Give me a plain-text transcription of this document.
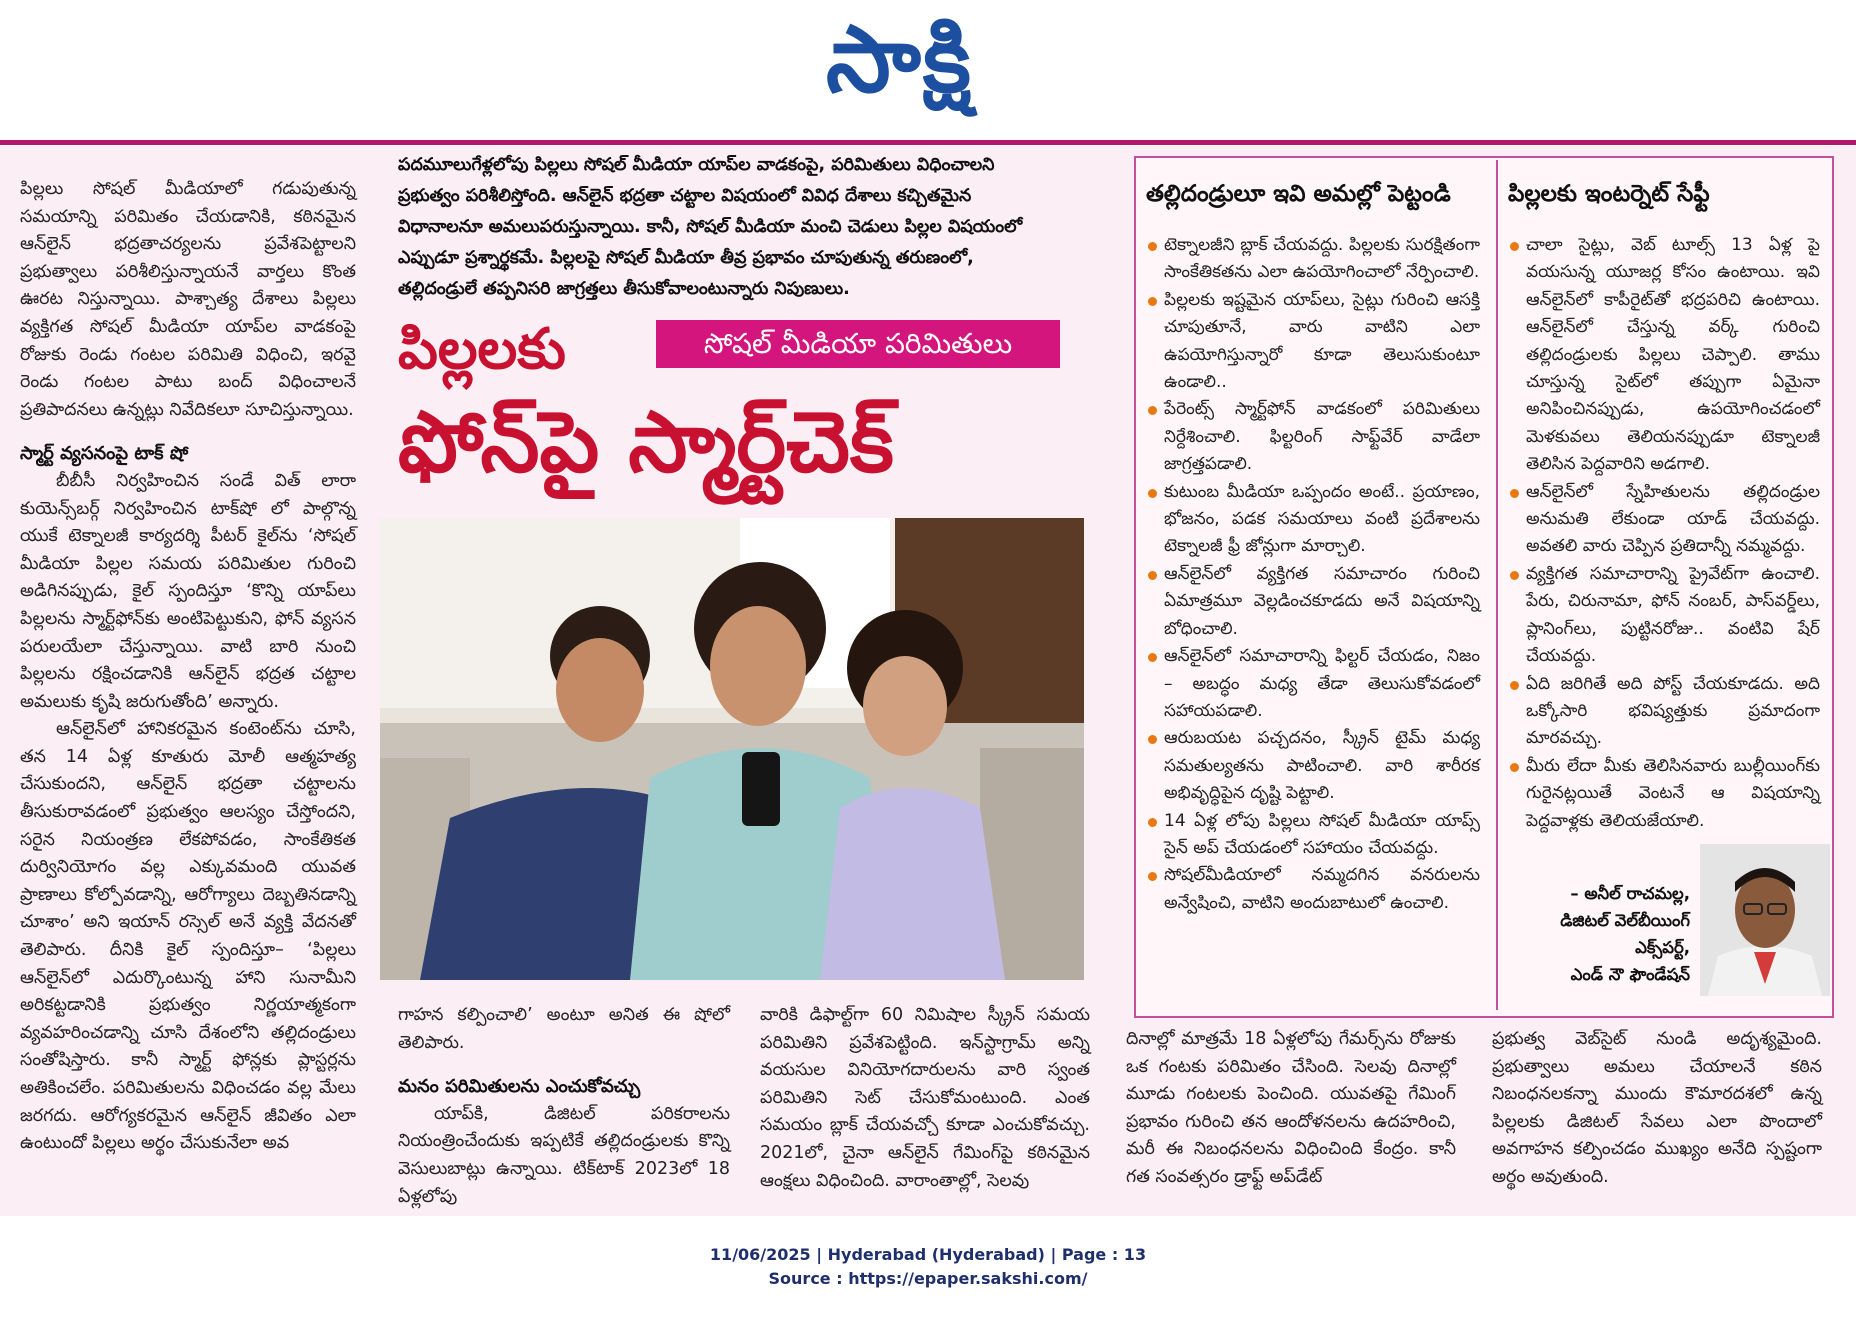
సాక్షి

పిల్లలు సోషల్ మీడియాలో గడుపుతున్న సమయాన్ని పరిమితం చేయడానికి, కఠినమైన ఆన్‌లైన్ భద్రతాచర్యలను ప్రవేశపెట్టాలని ప్రభుత్వాలు పరిశీలిస్తున్నాయనే వార్తలు కొంత ఊరట నిస్తున్నాయి. పాశ్చాత్య దేశాలు పిల్లలు వ్యక్తిగత సోషల్ మీడియా యాప్‌ల వాడకంపై రోజుకు రెండు గంటల పరిమితి విధించి, ఇరవై రెండు గంటల పాటు బంద్ విధించాలనే ప్రతిపాదనలు ఉన్నట్లు నివేదికలూ సూచిస్తున్నాయి.

స్మార్ట్ వ్యసనంపై టాక్ షో

బీబీసీ నిర్వహించిన సండే విత్ లారా కుయెన్స్‌బర్గ్ నిర్వహించిన టాక్‌షో లో పాల్గొన్న యుకే టెక్నాలజీ కార్యదర్శి పీటర్ కైల్‌ను ‘సోషల్ మీడియా పిల్లల సమయ పరిమితుల గురించి అడిగినప్పుడు, కైల్ స్పందిస్తూ ‘కొన్ని యాప్‌లు పిల్లలను స్మార్ట్‌ఫోన్‌కు అంటిపెట్టుకుని, ఫోన్ వ్యసన పరులయేలా చేస్తున్నాయి. వాటి బారి నుంచి పిల్లలను రక్షించడానికి ఆన్‌లైన్ భద్రత చట్టాల అమలుకు కృషి జరుగుతోంది’ అన్నారు.

ఆన్‌లైన్‌లో హానికరమైన కంటెంట్‌ను చూసి, తన 14 ఏళ్ల కూతురు మోలీ ఆత్మహత్య చేసుకుందని, ఆన్‌లైన్ భద్రతా చట్టాలను తీసుకురావడంలో ప్రభుత్వం ఆలస్యం చేస్తోందని, సరైన నియంత్రణ లేకపోవడం, సాంకేతికత దుర్వినియోగం వల్ల ఎక్కువమంది యువత ప్రాణాలు కోల్పోవడాన్ని, ఆరోగ్యాలు దెబ్బతినడాన్ని చూశాం’ అని ఇయాన్ రస్సెల్ అనే వ్యక్తి వేదనతో తెలిపారు. దీనికి కైల్ స్పందిస్తూ– ‘పిల్లలు ఆన్‌లైన్‌లో ఎదుర్కొంటున్న హాని సునామీని అరికట్టడానికి ప్రభుత్వం నిర్ణయాత్మకంగా వ్యవహరించడాన్ని చూసి దేశంలోని తల్లిదండ్రులు సంతోషిస్తారు. కానీ స్మార్ట్ ఫోన్లకు ప్లాస్టర్లను అతికించలేం. పరిమితులను విధించడం వల్ల మేలు జరగదు. ఆరోగ్యకరమైన ఆన్‌లైన్ జీవితం ఎలా ఉంటుందో పిల్లలు అర్థం చేసుకునేలా అవ

పదమూలుగేళ్లలోపు పిల్లలు సోషల్ మీడియా యాప్‌ల వాడకంపై, పరిమితులు విధించాలని ప్రభుత్వం పరిశీలిస్తోంది. ఆన్‌లైన్ భద్రతా చట్టాల విషయంలో వివిధ దేశాలు కచ్చితమైన విధానాలనూ అమలుపరుస్తున్నాయి. కానీ, సోషల్ మీడియా మంచి చెడులు పిల్లల విషయంలో ఎప్పుడూ ప్రశ్నార్థకమే. పిల్లలపై సోషల్ మీడియా తీవ్ర ప్రభావం చూపుతున్న తరుణంలో, తల్లిదండ్రులే తప్పనిసరి జాగ్రత్తలు తీసుకోవాలంటున్నారు నిపుణులు.
పిల్లలకు	సోషల్ మీడియా పరిమితులు
ఫోన్‌పై స్మార్ట్‌చెక్

గాహన కల్పించాలి’ అంటూ అనిత ఈ షోలో తెలిపారు.

మనం పరిమితులను ఎంచుకోవచ్చు

యాప్‌కి, డిజిటల్ పరికరాలను నియంత్రించేందుకు ఇప్పటికే తల్లిదండ్రులకు కొన్ని వెసులుబాట్లు ఉన్నాయి. టిక్‌టాక్ 2023లో 18 ఏళ్లలోపు

వారికి డిఫాల్ట్‌గా 60 నిమిషాల స్క్రీన్ సమయ పరిమితిని ప్రవేశపెట్టింది. ఇన్‌స్టాగ్రామ్ అన్ని వయసుల వినియోగదారులను వారి స్వంత పరిమితిని సెట్ చేసుకోమంటుంది. ఎంత సమయం బ్లాక్ చేయవచ్చో కూడా ఎంచుకోవచ్చు. 2021లో, చైనా ఆన్‌లైన్ గేమింగ్‌పై కఠినమైన ఆంక్షలు విధించింది. వారాంతాల్లో, సెలవు
దినాల్లో మాత్రమే 18 ఏళ్లలోపు గేమర్స్‌ను రోజుకు ఒక గంటకు పరిమితం చేసింది. సెలవు దినాల్లో మూడు గంటలకు పెంచింది. యువతపై గేమింగ్ ప్రభావం గురించి తన ఆందోళనలను ఉదహరించి, మరీ ఈ నిబంధనలను విధించింది కేంద్రం. కానీ గత సంవత్సరం డ్రాఫ్ట్ అప్‌డేట్
ప్రభుత్వ వెబ్‌సైట్ నుండి అదృశ్యమైంది. ప్రభుత్వాలు అమలు చేయాలనే కఠిన నిబంధనలకన్నా ముందు కౌమారదశలో ఉన్న పిల్లలకు డిజిటల్ సేవలు ఎలా పొందాలో అవగాహన కల్పించడం ముఖ్యం అనేది స్పష్టంగా అర్థం అవుతుంది.
తల్లిదండ్రులూ ఇవి అమల్లో పెట్టండి
టెక్నాలజీని బ్లాక్ చేయవద్దు. పిల్లలకు సురక్షితంగా సాంకేతికతను ఎలా ఉపయోగించాలో నేర్పించాలి.
పిల్లలకు ఇష్టమైన యాప్‌లు, సైట్లు గురించి ఆసక్తి చూపుతూనే, వారు వాటిని ఎలా ఉపయోగిస్తున్నారో కూడా తెలుసుకుంటూ ఉండాలి..
పేరెంట్స్ స్మార్ట్‌ఫోన్ వాడకంలో పరిమితులు నిర్దేశించాలి. ఫిల్టరింగ్ సాఫ్ట్‌వేర్ వాడేలా జాగ్రత్తపడాలి.
కుటుంబ మీడియా ఒప్పందం అంటే.. ప్రయాణం, భోజనం, పడక సమయాలు వంటి ప్రదేశాలను టెక్నాలజీ ఫ్రీ జోన్లుగా మార్చాలి.
ఆన్‌లైన్‌లో వ్యక్తిగత సమాచారం గురించి ఏమాత్రమూ వెల్లడించకూడదు అనే విషయాన్ని బోధించాలి.
ఆన్‌లైన్‌లో సమాచారాన్ని ఫిల్టర్ చేయడం, నిజం – అబద్ధం మధ్య తేడా తెలుసుకోవడంలో సహాయపడాలి.
ఆరుబయట పచ్చదనం, స్క్రీన్ టైమ్ మధ్య సమతుల్యతను పాటించాలి. వారి శారీరక అభివృద్ధిపైన దృష్టి పెట్టాలి.
14 ఏళ్ల లోపు పిల్లలు సోషల్ మీడియా యాప్స్ సైన్ అప్ చేయడంలో సహాయం చేయవద్దు.
సోషల్‌మీడియాలో నమ్మదగిన వనరులను అన్వేషించి, వాటిని అందుబాటులో ఉంచాలి.
పిల్లలకు ఇంటర్నెట్ సేఫ్టీ
చాలా సైట్లు, వెబ్ టూల్స్ 13 ఏళ్ల పై వయసున్న యూజర్ల కోసం ఉంటాయి. ఇవి ఆన్‌లైన్‌లో కాపీరైట్‌తో భద్రపరిచి ఉంటాయి. ఆన్‌లైన్‌లో చేస్తున్న వర్క్ గురించి తల్లిదండ్రులకు పిల్లలు చెప్పాలి. తాము చూస్తున్న సైట్‌లో తప్పుగా ఏమైనా అనిపించినప్పుడు, ఉపయోగించడంలో మెళకువలు తెలియనప్పుడూ టెక్నాలజీ తెలిసిన పెద్దవారిని అడగాలి.
ఆన్‌లైన్‌లో స్నేహితులను తల్లిదండ్రుల అనుమతి లేకుండా యాడ్ చేయవద్దు. అవతలి వారు చెప్పిన ప్రతిదాన్నీ నమ్మవద్దు.
వ్యక్తిగత సమాచారాన్ని ప్రైవేట్‌గా ఉంచాలి. పేరు, చిరునామా, ఫోన్ నంబర్, పాస్‌వర్డ్‌లు, ప్లానింగ్‌లు, పుట్టినరోజు.. వంటివి షేర్ చేయవద్దు.
ఏది జరిగితే అది పోస్ట్ చేయకూడదు. అది ఒక్కోసారి భవిష్యత్తుకు ప్రమాదంగా మారవచ్చు.
మీరు లేదా మీకు తెలిసినవారు బుల్లీయింగ్‌కు గురైనట్లయితే వెంటనే ఆ విషయాన్ని పెద్దవాళ్లకు తెలియజేయాలి.
– అనీల్ రాచమల్ల,
డిజిటల్ వెల్‌బీయింగ్
ఎక్స్‌పర్ట్,
ఎండ్ నౌ ఫౌండేషన్
11/06/2025 | Hyderabad (Hyderabad) | Page : 13
Source : https://epaper.sakshi.com/
